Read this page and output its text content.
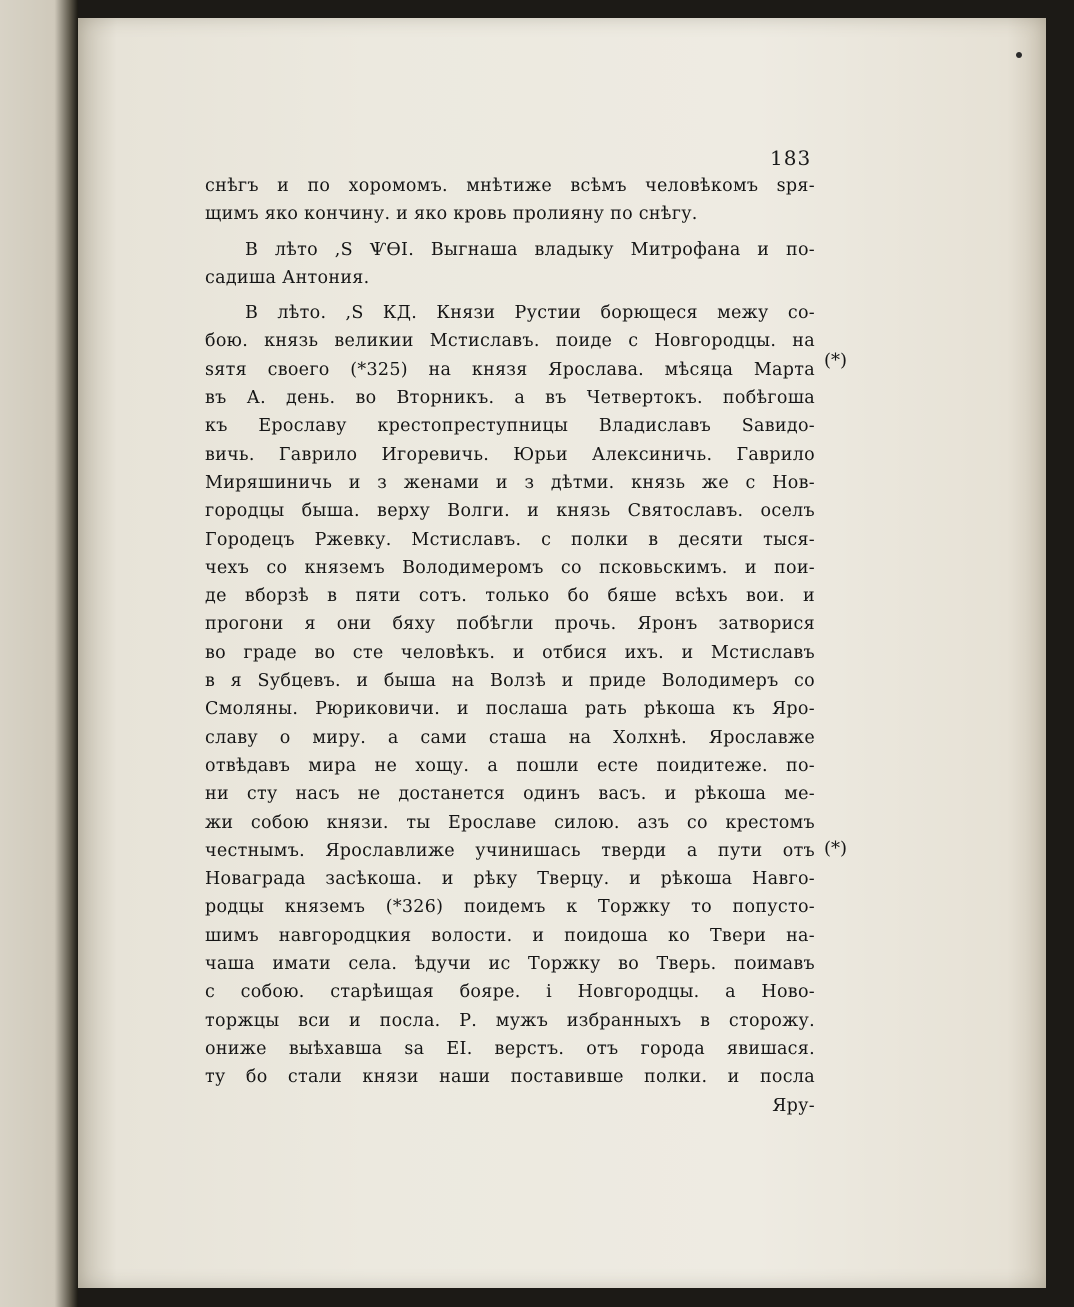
183
снѣгъ и по хоромомъ. мнѣтиже всѣмъ человѣкомъ ѕря-
щимъ яко кончину. и яко кровь пролияну по снѣгу.
В лѣто ,Ѕ ѰѲІ. Выгнаша владыку Митрофана и по-
садиша Антония.
В лѣто. ,Ѕ КД. Князи Рустии борющеся межу со-
бою. князь великии Мстиславъ. поиде с Новгородцы. на
ѕятя своего (*325) на князя Ярослава. мѣсяца Марта
въ А. день. во Вторникъ. а въ Четвертокъ. побѣгоша
къ Ерославу крестопреступницы Владиславъ Ѕавидо-
вичь. Гаврило Игоревичь. Юрьи Алексиничь. Гаврило
Миряшиничь и з женами и з дѣтми. князь же с Нов-
городцы быша. верху Волги. и князь Святославъ. оселъ
Городецъ Ржевку. Мстиславъ. с полки в десяти тыся-
чехъ со княземъ Володимеромъ со псковьскимъ. и пои-
де вборзѣ в пяти сотъ. только бо бяше всѣхъ вои. и
прогони я они бяху побѣгли прочь. Яронъ затворися
во граде во сте человѣкъ. и отбися ихъ. и Мстиславъ
в я Ѕубцевъ. и быша на Волзѣ и приде Володимеръ со
Смоляны. Рюриковичи. и послаша рать рѣкоша къ Яро-
славу о миру. а сами сташа на Холхнѣ. Ярославже
отвѣдавъ мира не хощу. а пошли есте поидитеже. по-
ни сту насъ не достанется одинъ васъ. и рѣкоша ме-
жи собою князи. ты Ерославе силою. азъ со крестомъ
честнымъ. Ярославлиже учинишась тверди а пути отъ
Новаграда засѣкоша. и рѣку Тверцу. и рѣкоша Навго-
родцы княземъ (*326) поидемъ к Торжку то попусто-
шимъ навгородцкия волости. и поидоша ко Твери на-
чаша имати села. ѣдучи ис Торжку во Тверь. поимавъ
с собою. старѣищая бояре. і Новгородцы. а Ново-
торжцы вси и посла. Р. мужъ избранныхъ в сторожу.
ониже выѣхавша ѕа ЕІ. верстъ. отъ города явишася.
ту бо стали князи наши поставивше полки. и посла
Яру-
(*)
(*)
